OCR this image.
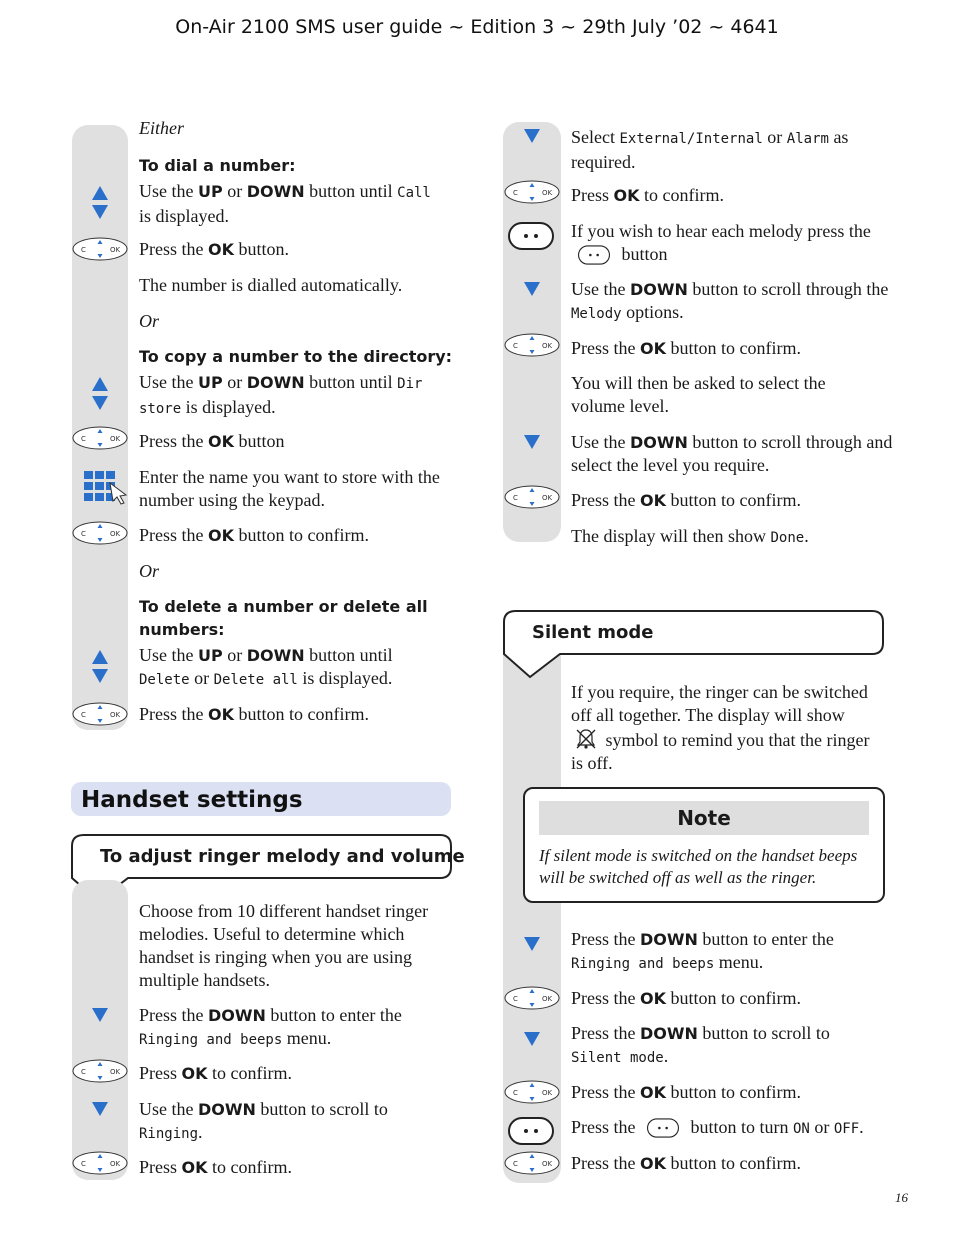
On-Air 2100 SMS user guide ~ Edition 3 ~ 29th July ’02 ~ 4641
Either
To dial a number:
Use the UP or DOWN button until Call
is displayed.
Press the OK button.
The number is dialled automatically.
Or
To copy a number to the directory:
Use the UP or DOWN button until Dir
store is displayed.
Press the OK button
Enter the name you want to store with the number using the keypad.
Press the OK button to confirm.
Or
To delete a number or delete all numbers:
Use the UP or DOWN button until
Delete or Delete all is displayed.
Press the OK button to confirm.
Handset settings
To adjust ringer melody and volume
Choose from 10 different handset ringer melodies. Useful to determine which handset is ringing when you are using multiple handsets.
Press the DOWN button to enter the
Ringing and beeps menu.
Press OK to confirm.
Use the DOWN button to scroll to
Ringing.
Press OK to confirm.
Select External/Internal or Alarm as required.
Press OK to confirm.
If you wish to hear each melody press the  button
Use the DOWN button to scroll through the Melody options.
Press the OK button to confirm.
You will then be asked to select the volume level.
Use the DOWN button to scroll through and select the level you require.
Press the OK button to confirm.
The display will then show Done.
Silent mode
If you require, the ringer can be switched off all together. The display will show  symbol to remind you that the ringer is off.
Note
If silent mode is switched on the handset beeps will be switched off as well as the ringer.
Press the DOWN button to enter the
Ringing and beeps menu.
Press the OK button to confirm.
Press the DOWN button to scroll to
Silent mode.
Press the OK button to confirm.
Press the	button to turn ON or OFF.
Press the OK button to confirm.
16
